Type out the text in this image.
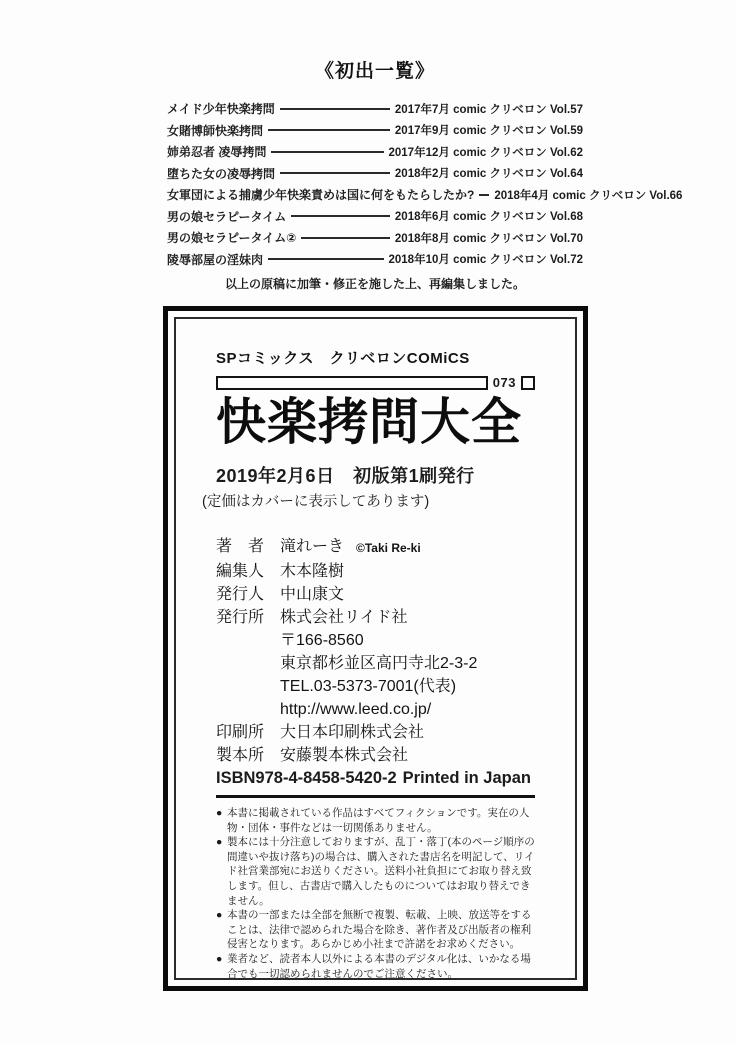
《初出一覧》
メイド少年快楽拷問	2017年7月 comic クリベロン Vol.57
女賭博師快楽拷問	2017年9月 comic クリベロン Vol.59
姉弟忍者 凌辱拷問	2017年12月 comic クリベロン Vol.62
堕ちた女の凌辱拷問	2018年2月 comic クリベロン Vol.64
女軍団による捕虜少年快楽責めは国に何をもたらしたか? 2018年4月 comic クリベロン Vol.66
男の娘セラピータイム	2018年6月 comic クリベロン Vol.68
男の娘セラピータイム②	2018年8月 comic クリベロン Vol.70
陵辱部屋の淫妹肉	2018年10月 comic クリベロン Vol.72
以上の原稿に加筆・修正を施した上、再編集しました。
SPコミックス　クリベロンCOMiCS
073
快楽拷問大全
2019年2月6日　初版第1刷発行
(定価はカバーに表示してあります)
著　者 滝れーき ©Taki Re-ki
編集人 木本隆樹
発行人 中山康文
発行所 株式会社リイド社
〒166-8560
東京都杉並区高円寺北2-3-2
TEL.03-5373-7001(代表)
http://www.leed.co.jp/
印刷所 大日本印刷株式会社
製本所 安藤製本株式会社
ISBN978-4-8458-5420-2 Printed in Japan
● 本書に掲載されている作品はすべてフィクションです。実在の人物・団体・事件などは一切関係ありません。
● 製本には十分注意しておりますが、乱丁・落丁(本のページ順序の間違いや抜け落ち)の場合は、購入された書店名を明記して、リイド社営業部宛にお送りください。送料小社負担にてお取り替え致します。但し、古書店で購入したものについてはお取り替えできません。
● 本書の一部または全部を無断で複製、転載、上映、放送等をすることは、法律で認められた場合を除き、著作者及び出版者の権利侵害となります。あらかじめ小社まで許諾をお求めください。
● 業者など、読者本人以外による本書のデジタル化は、いかなる場合でも一切認められませんのでご注意ください。
